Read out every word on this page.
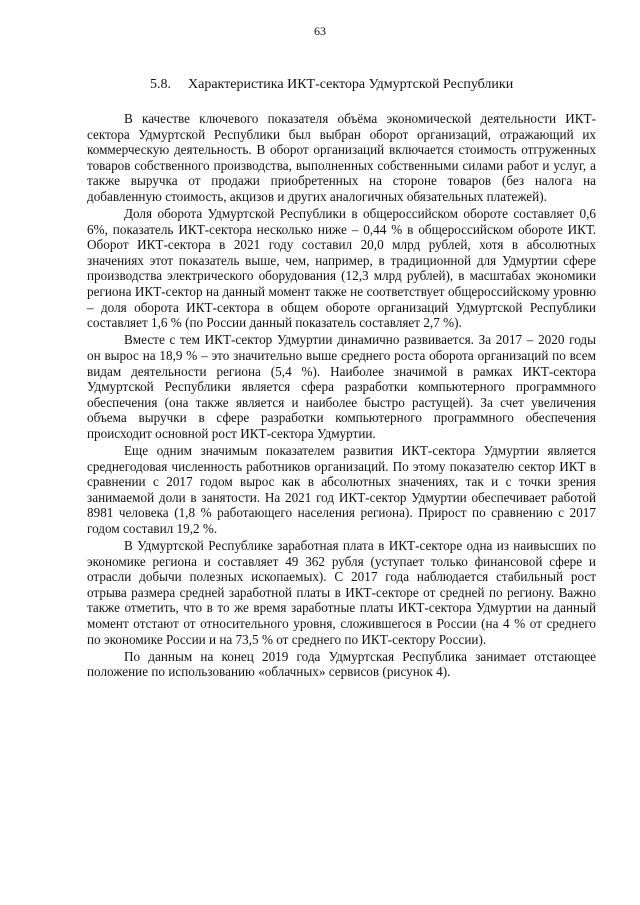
63
5.8. Характеристика ИКТ-сектора Удмуртской Республики

В качестве ключевого показателя объёма экономической деятельности ИКТ-сектора Удмуртской Республики был выбран оборот организаций, отражающий их коммерческую деятельность. В оборот организаций включается стоимость отгруженных товаров собственного производства, выполненных собственными силами работ и услуг, а также выручка от продажи приобретенных на стороне товаров (без налога на добавленную стоимость, акцизов и других аналогичных обязательных платежей).

Доля оборота Удмуртской Республики в общероссийском обороте составляет 0,6 6%, показатель ИКТ-сектора несколько ниже – 0,44 % в общероссийском обороте ИКТ. Оборот ИКТ-сектора в 2021 году составил 20,0 млрд рублей, хотя в абсолютных значениях этот показатель выше, чем, например, в традиционной для Удмуртии сфере производства электрического оборудования (12,3 млрд рублей), в масштабах экономики региона ИКТ-сектор на данный момент также не соответствует общероссийскому уровню – доля оборота ИКТ-сектора в общем обороте организаций Удмуртской Республики составляет 1,6 % (по России данный показатель составляет 2,7 %).

Вместе с тем ИКТ-сектор Удмуртии динамично развивается. За 2017 – 2020 годы он вырос на 18,9 % – это значительно выше среднего роста оборота организаций по всем видам деятельности региона (5,4 %). Наиболее значимой в рамках ИКТ-сектора Удмуртской Республики является сфера разработки компьютерного программного обеспечения (она также является и наиболее быстро растущей). За счет увеличения объема выручки в сфере разработки компьютерного программного обеспечения происходит основной рост ИКТ-сектора Удмуртии.

Еще одним значимым показателем развития ИКТ-сектора Удмуртии является среднегодовая численность работников организаций. По этому показателю сектор ИКТ в сравнении с 2017 годом вырос как в абсолютных значениях, так и с точки зрения занимаемой доли в занятости. На 2021 год ИКТ-сектор Удмуртии обеспечивает работой 8981 человека (1,8 % работающего населения региона). Прирост по сравнению с 2017 годом составил 19,2 %.

В Удмуртской Республике заработная плата в ИКТ-секторе одна из наивысших по экономике региона и составляет 49 362 рубля (уступает только финансовой сфере и отрасли добычи полезных ископаемых). С 2017 года наблюдается стабильный рост отрыва размера средней заработной платы в ИКТ-секторе от средней по региону. Важно также отметить, что в то же время заработные платы ИКТ-сектора Удмуртии на данный момент отстают от относительного уровня, сложившегося в России (на 4 % от среднего по экономике России и на 73,5 % от среднего по ИКТ-сектору России).

По данным на конец 2019 года Удмуртская Республика занимает отстающее положение по использованию «облачных» сервисов (рисунок 4).
